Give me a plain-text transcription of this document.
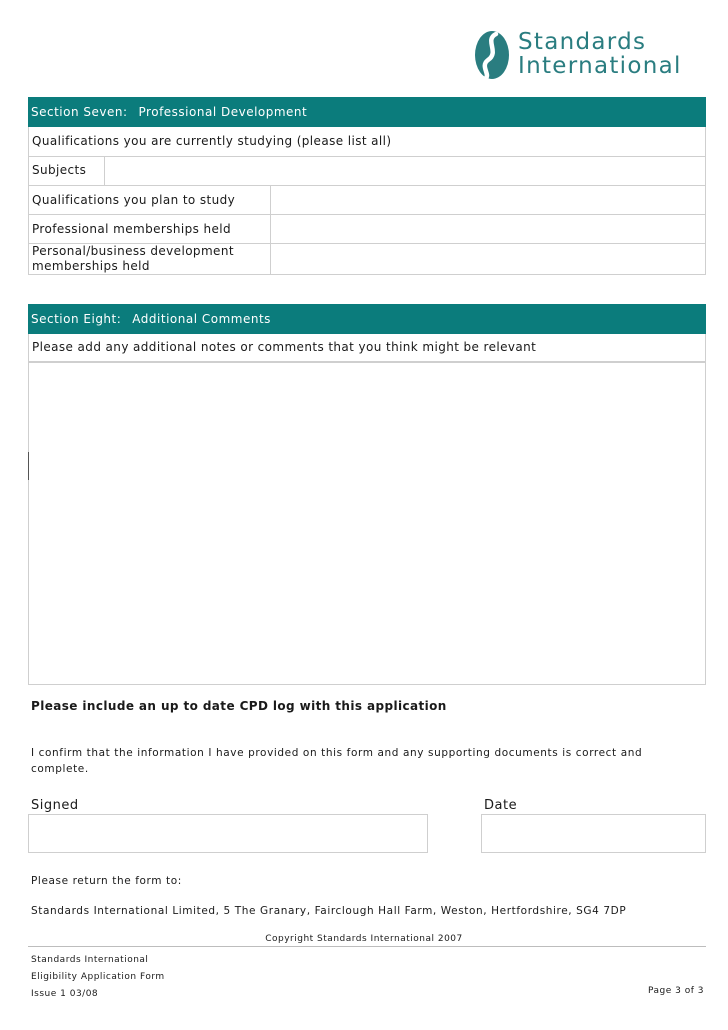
Standards
International
Section Seven: Professional Development
Qualifications you are currently studying (please list all)
Subjects
Qualifications you plan to study
Professional memberships held
Personal/business development
memberships held
Section Eight: Additional Comments
Please add any additional notes or comments that you think might be relevant
Please include an up to date CPD log with this application
I confirm that the information I have provided on this form and any supporting documents is correct and
complete.
Signed	Date
Please return the form to:
Standards International Limited, 5 The Granary, Fairclough Hall Farm, Weston, Hertfordshire, SG4 7DP
Copyright Standards International 2007
Standards International
Eligibility Application Form
Issue 1 03/08	Page 3 of 3
